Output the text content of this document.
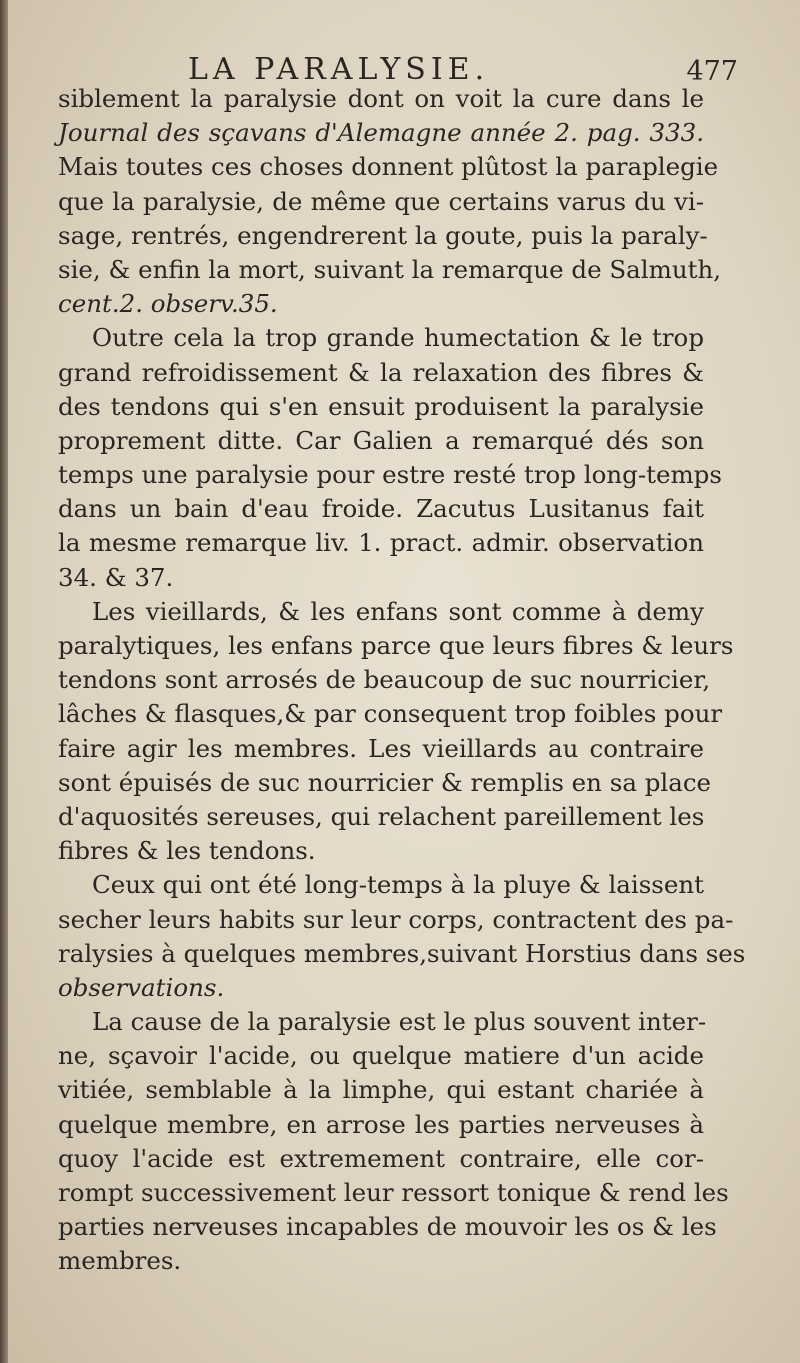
LA PARALYSIE.	477
siblement la paralysie dont on voit la cure dans le
Journal des sçavans d'Alemagne année 2. pag. 333.
Mais toutes ces choses donnent plûtost la paraplegie
que la paralysie, de même que certains varus du vi-
sage, rentrés, engendrerent la goute, puis la paraly-
sie, & enfin la mort, suivant la remarque de Salmuth,
cent.2. observ.35.
Outre cela la trop grande humectation & le trop
grand refroidissement & la relaxation des fibres &
des tendons qui s'en ensuit produisent la paralysie
proprement ditte. Car Galien a remarqué dés son
temps une paralysie pour estre resté trop long-temps
dans un bain d'eau froide. Zacutus Lusitanus fait
la mesme remarque liv. 1. pract. admir. observation
34. & 37.
Les vieillards, & les enfans sont comme à demy
paralytiques, les enfans parce que leurs fibres & leurs
tendons sont arrosés de beaucoup de suc nourricier,
lâches & flasques,& par consequent trop foibles pour
faire agir les membres. Les vieillards au contraire
sont épuisés de suc nourricier & remplis en sa place
d'aquosités sereuses, qui relachent pareillement les
fibres & les tendons.
Ceux qui ont été long-temps à la pluye & laissent
secher leurs habits sur leur corps, contractent des pa-
ralysies à quelques membres,suivant Horstius dans ses
observations.
La cause de la paralysie est le plus souvent inter-
ne, sçavoir l'acide, ou quelque matiere d'un acide
vitiée, semblable à la limphe, qui estant chariée à
quelque membre, en arrose les parties nerveuses à
quoy l'acide est extremement contraire, elle cor-
rompt successivement leur ressort tonique & rend les
parties nerveuses incapables de mouvoir les os & les
membres.
